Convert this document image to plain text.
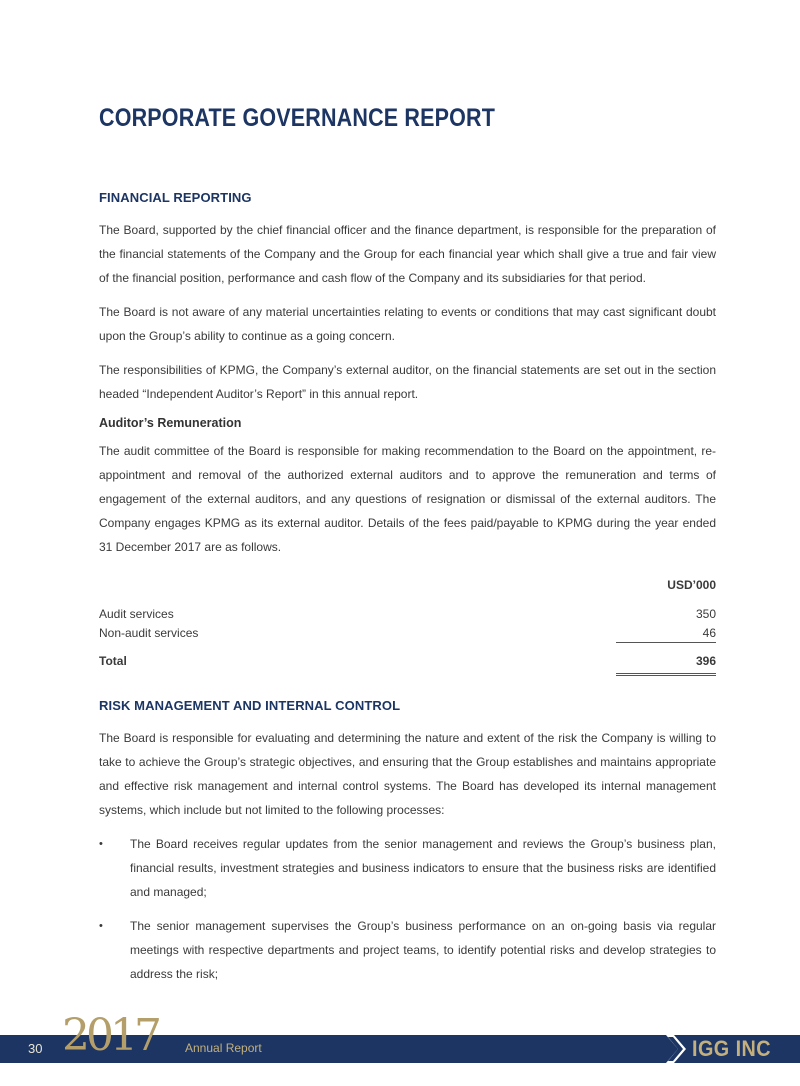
CORPORATE GOVERNANCE REPORT
FINANCIAL REPORTING

The Board, supported by the chief financial officer and the finance department, is responsible for the preparation of the financial statements of the Company and the Group for each financial year which shall give a true and fair view of the financial position, performance and cash flow of the Company and its subsidiaries for that period.

The Board is not aware of any material uncertainties relating to events or conditions that may cast significant doubt upon the Group’s ability to continue as a going concern.

The responsibilities of KPMG, the Company’s external auditor, on the financial statements are set out in the section headed “Independent Auditor’s Report” in this annual report.

Auditor’s Remuneration

The audit committee of the Board is responsible for making recommendation to the Board on the appointment, re-appointment and removal of the authorized external auditors and to approve the remuneration and terms of engagement of the external auditors, and any questions of resignation or dismissal of the external auditors. The Company engages KPMG as its external auditor. Details of the fees paid/payable to KPMG during the year ended 31 December 2017 are as follows.

USD’000
Audit services	350
Non-audit services	46
Total	396
RISK MANAGEMENT AND INTERNAL CONTROL

The Board is responsible for evaluating and determining the nature and extent of the risk the Company is willing to take to achieve the Group’s strategic objectives, and ensuring that the Group establishes and maintains appropriate and effective risk management and internal control systems. The Board has developed its internal management systems, which include but not limited to the following processes:

• The Board receives regular updates from the senior management and reviews the Group’s business plan, financial results, investment strategies and business indicators to ensure that the business risks are identified and managed;
• The senior management supervises the Group’s business performance on an on-going basis via regular meetings with respective departments and project teams, to identify potential risks and develop strategies to address the risk;
30 2017 Annual Report	IGG INC
